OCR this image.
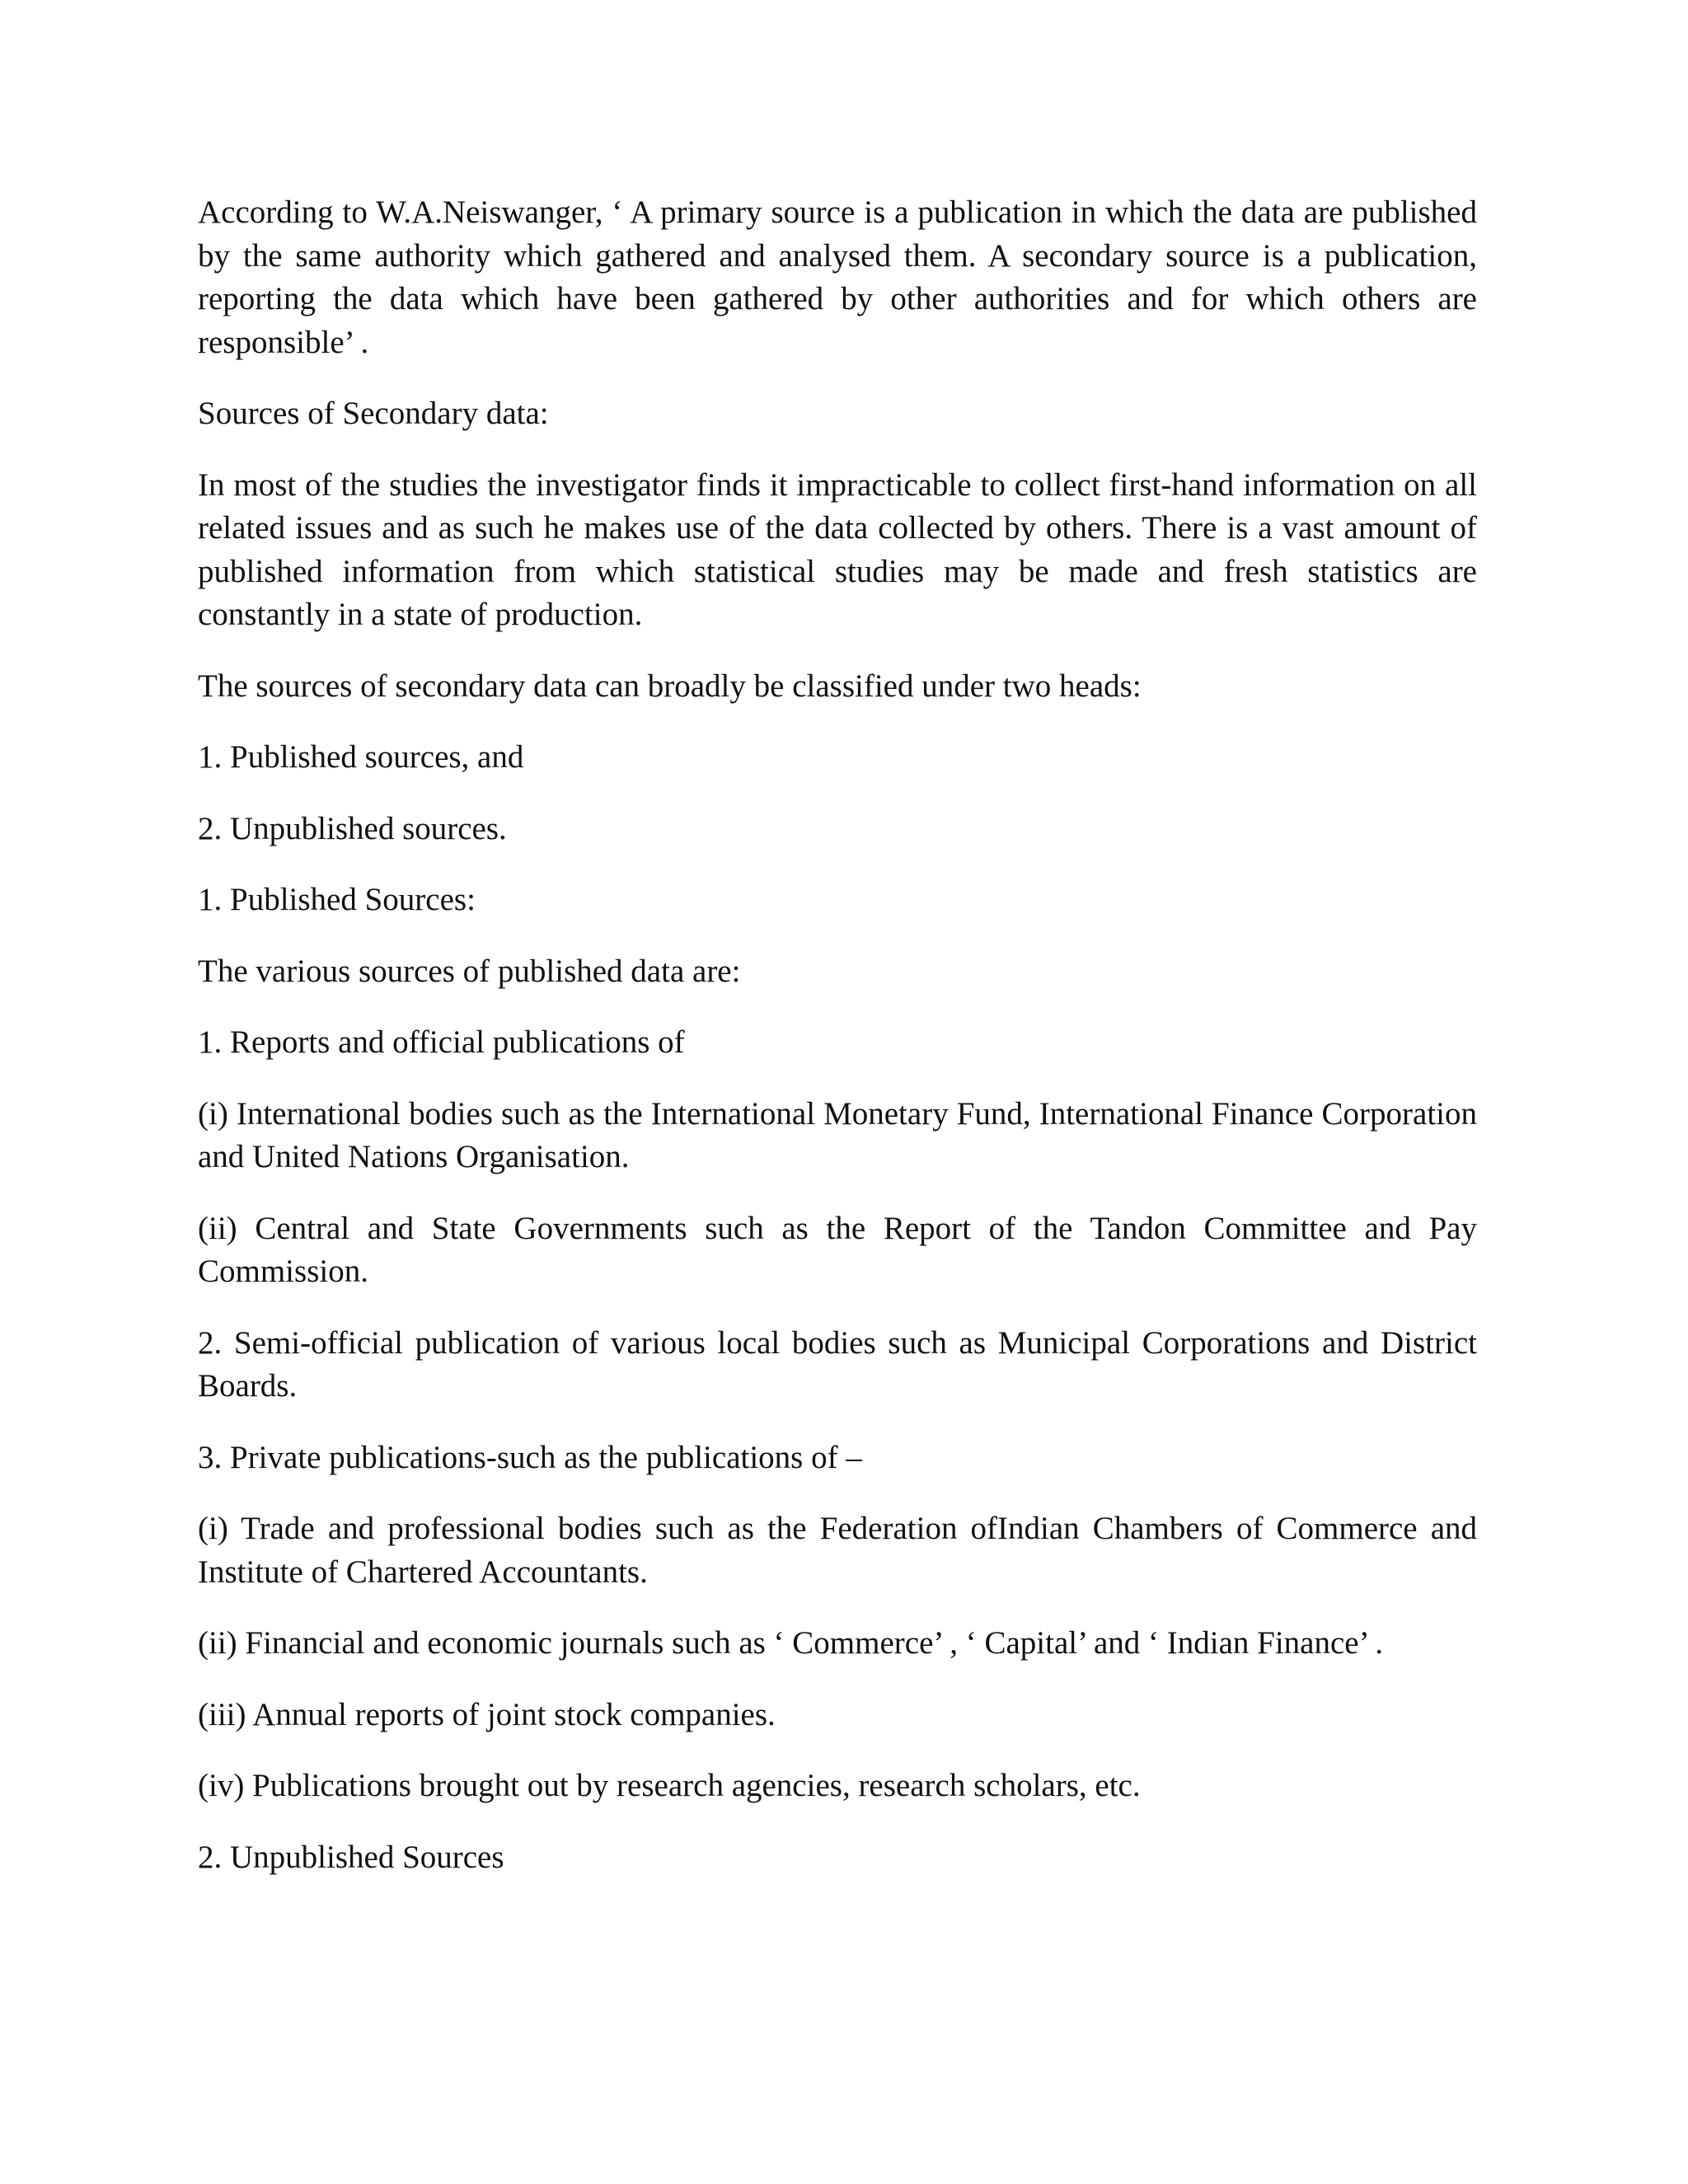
According to W.A.Neiswanger, ‘ A primary source is a publication in which the data are published by the same authority which gathered and analysed them. A secondary source is a publication, reporting the data which have been gathered by other authorities and for which others are responsible’ .

Sources of Secondary data:

In most of the studies the investigator finds it impracticable to collect first-hand information on all related issues and as such he makes use of the data collected by others. There is a vast amount of published information from which statistical studies may be made and fresh statistics are constantly in a state of production.

The sources of secondary data can broadly be classified under two heads:

1. Published sources, and

2. Unpublished sources.

1. Published Sources:

The various sources of published data are:

1. Reports and official publications of

(i) International bodies such as the International Monetary Fund, International Finance Corporation and United Nations Organisation.

(ii) Central and State Governments such as the Report of the Tandon Committee and Pay Commission.

2. Semi-official publication of various local bodies such as Municipal Corporations and District Boards.

3. Private publications-such as the publications of –

(i) Trade and professional bodies such as the Federation ofIndian Chambers of Commerce and Institute of Chartered Accountants.

(ii) Financial and economic journals such as ‘ Commerce’ , ‘ Capital’ and ‘ Indian Finance’ .

(iii) Annual reports of joint stock companies.

(iv) Publications brought out by research agencies, research scholars, etc.

2. Unpublished Sources
